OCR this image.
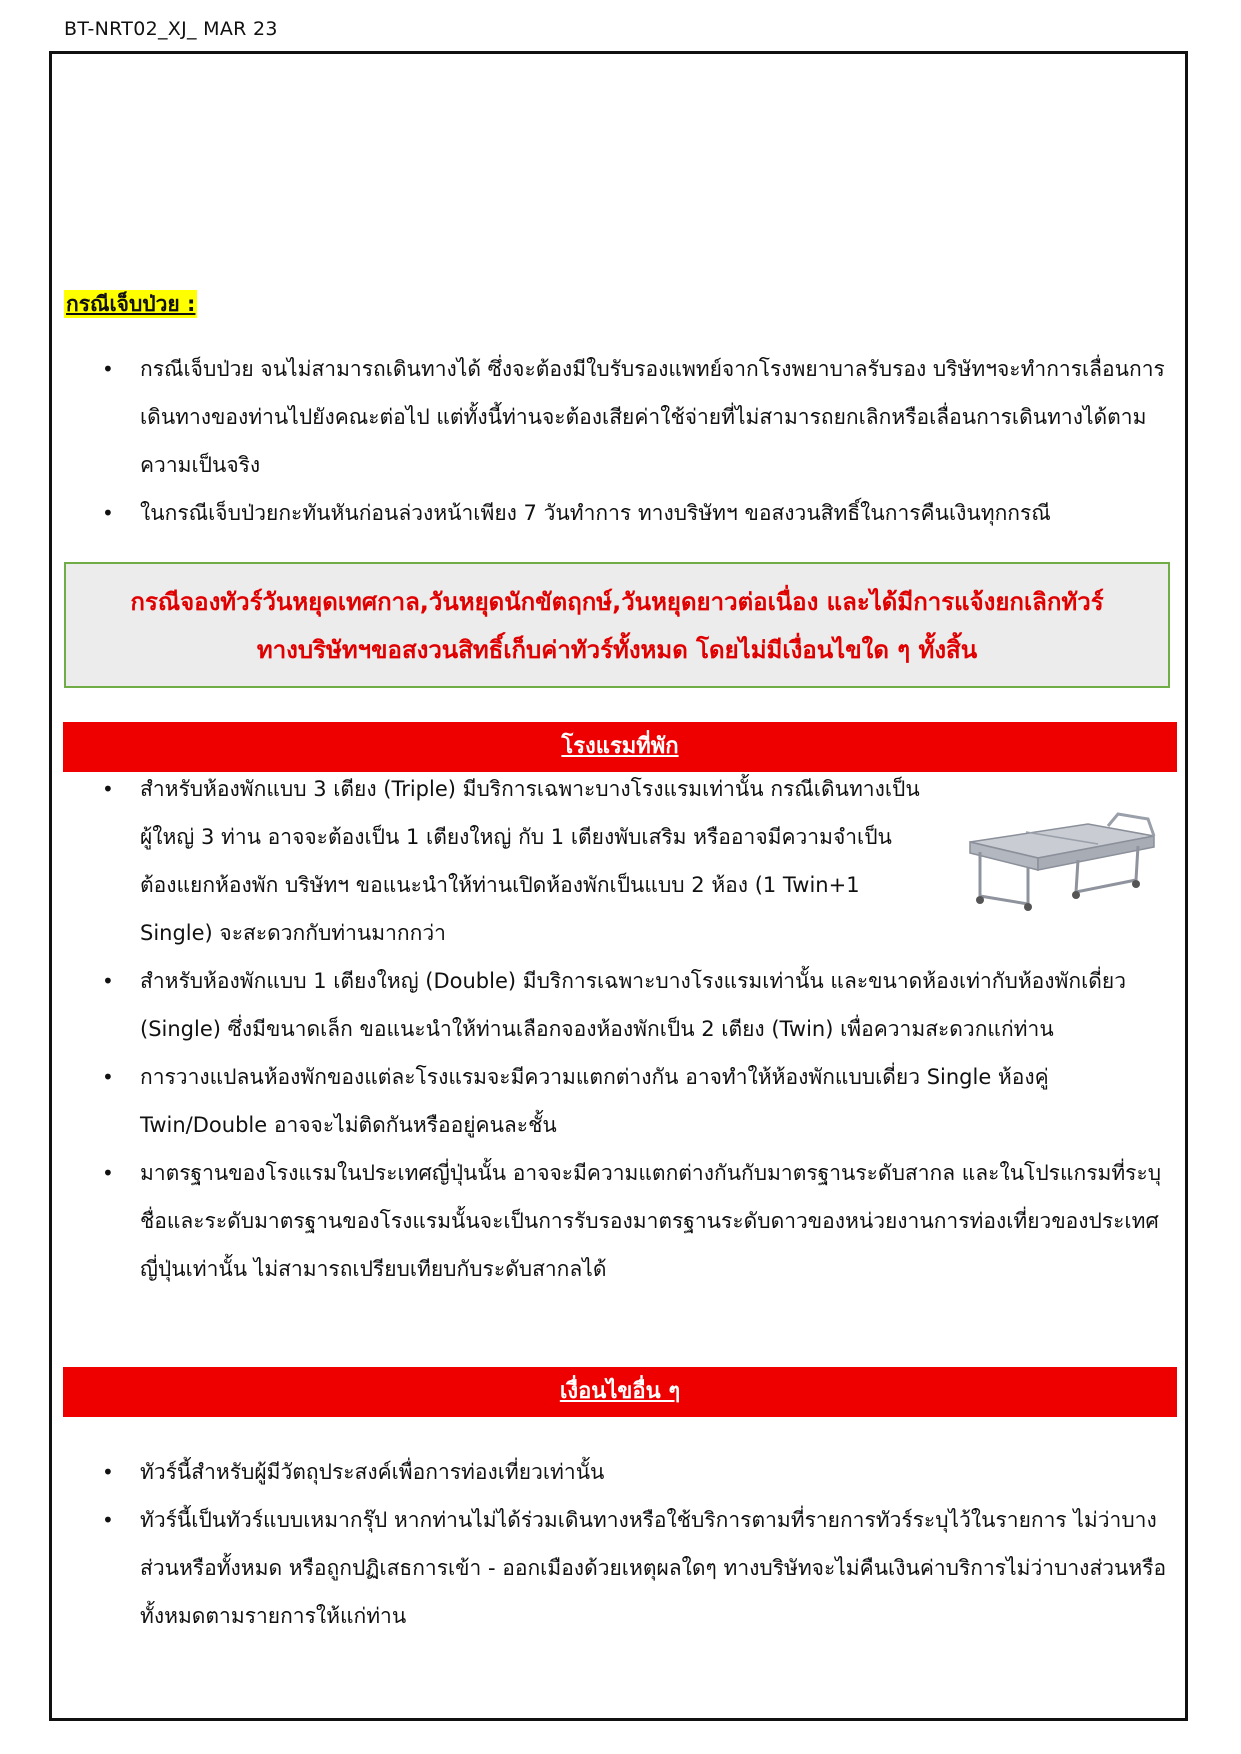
BT-NRT02_XJ_ MAR 23
กรณีเจ็บป่วย :
• กรณีเจ็บป่วย จนไม่สามารถเดินทางได้ ซึ่งจะต้องมีใบรับรองแพทย์จากโรงพยาบาลรับรอง บริษัทฯจะทำการเลื่อนการเดินทางของท่านไปยังคณะต่อไป แต่ทั้งนี้ท่านจะต้องเสียค่าใช้จ่ายที่ไม่สามารถยกเลิกหรือเลื่อนการเดินทางได้ตามความเป็นจริง
• ในกรณีเจ็บป่วยกะทันหันก่อนล่วงหน้าเพียง 7 วันทำการ ทางบริษัทฯ ขอสงวนสิทธิ์ในการคืนเงินทุกกรณี
กรณีจองทัวร์วันหยุดเทศกาล,วันหยุดนักขัตฤกษ์,วันหยุดยาวต่อเนื่อง และได้มีการแจ้งยกเลิกทัวร์
ทางบริษัทฯขอสงวนสิทธิ์เก็บค่าทัวร์ทั้งหมด โดยไม่มีเงื่อนไขใด ๆ ทั้งสิ้น
โรงแรมที่พัก
• สำหรับห้องพักแบบ 3 เตียง (Triple) มีบริการเฉพาะบางโรงแรมเท่านั้น กรณีเดินทางเป็นผู้ใหญ่ 3 ท่าน อาจจะต้องเป็น 1 เตียงใหญ่ กับ 1 เตียงพับเสริม หรืออาจมีความจำเป็นต้องแยกห้องพัก บริษัทฯ ขอแนะนำให้ท่านเปิดห้องพักเป็นแบบ 2 ห้อง (1 Twin+1 Single) จะสะดวกกับท่านมากกว่า
• สำหรับห้องพักแบบ 1 เตียงใหญ่ (Double) มีบริการเฉพาะบางโรงแรมเท่านั้น และขนาดห้องเท่ากับห้องพักเดี่ยว (Single) ซึ่งมีขนาดเล็ก ขอแนะนำให้ท่านเลือกจองห้องพักเป็น 2 เตียง (Twin) เพื่อความสะดวกแก่ท่าน
• การวางแปลนห้องพักของแต่ละโรงแรมจะมีความแตกต่างกัน อาจทำให้ห้องพักแบบเดี่ยว Single ห้องคู่ Twin/Double อาจจะไม่ติดกันหรืออยู่คนละชั้น
• มาตรฐานของโรงแรมในประเทศญี่ปุ่นนั้น อาจจะมีความแตกต่างกันกับมาตรฐานระดับสากล และในโปรแกรมที่ระบุชื่อและระดับมาตรฐานของโรงแรมนั้นจะเป็นการรับรองมาตรฐานระดับดาวของหน่วยงานการท่องเที่ยวของประเทศญี่ปุ่นเท่านั้น ไม่สามารถเปรียบเทียบกับระดับสากลได้
เงื่อนไขอื่น ๆ
• ทัวร์นี้สำหรับผู้มีวัตถุประสงค์เพื่อการท่องเที่ยวเท่านั้น
• ทัวร์นี้เป็นทัวร์แบบเหมากรุ๊ป หากท่านไม่ได้ร่วมเดินทางหรือใช้บริการตามที่รายการทัวร์ระบุไว้ในรายการ ไม่ว่าบางส่วนหรือทั้งหมด หรือถูกปฏิเสธการเข้า - ออกเมืองด้วยเหตุผลใดๆ ทางบริษัทจะไม่คืนเงินค่าบริการไม่ว่าบางส่วนหรือทั้งหมดตามรายการให้แก่ท่าน
